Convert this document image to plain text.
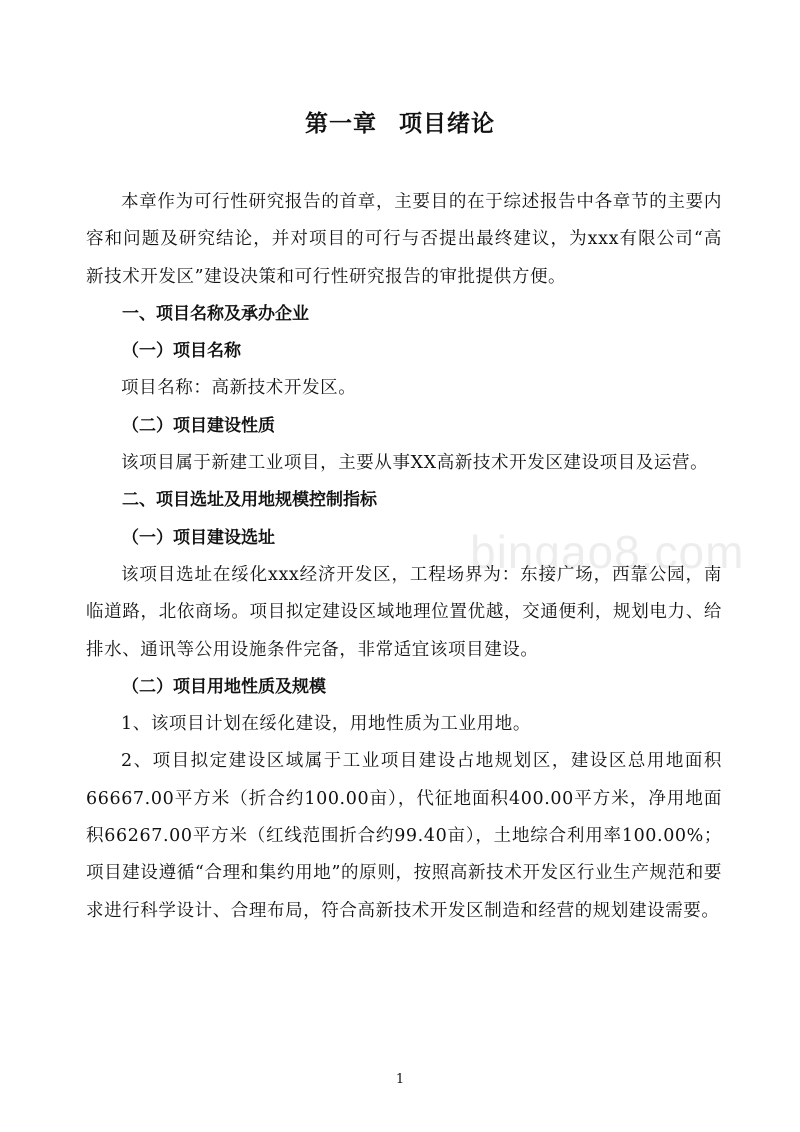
第一章 项目绪论
本章作为可行性研究报告的首章，主要目的在于综述报告中各章节的主要内容和问题及研究结论，并对项目的可行与否提出最终建议，为xxx有限公司“高新技术开发区”建设决策和可行性研究报告的审批提供方便。
一、项目名称及承办企业
（一）项目名称
项目名称：高新技术开发区。
（二）项目建设性质
该项目属于新建工业项目，主要从事XX高新技术开发区建设项目及运营。
二、项目选址及用地规模控制指标
（一）项目建设选址
该项目选址在绥化xxx经济开发区，工程场界为：东接广场，西靠公园，南临道路，北依商场。项目拟定建设区域地理位置优越，交通便利，规划电力、给排水、通讯等公用设施条件完备，非常适宜该项目建设。
（二）项目用地性质及规模
1、该项目计划在绥化建设，用地性质为工业用地。
2、项目拟定建设区域属于工业项目建设占地规划区，建设区总用地面积66667.00平方米（折合约100.00亩），代征地面积400.00平方米，净用地面积66267.00平方米（红线范围折合约99.40亩），土地综合利用率100.00%；项目建设遵循“合理和集约用地”的原则，按照高新技术开发区行业生产规范和要求进行科学设计、合理布局，符合高新技术开发区制造和经营的规划建设需要。
bingao8.com
1
